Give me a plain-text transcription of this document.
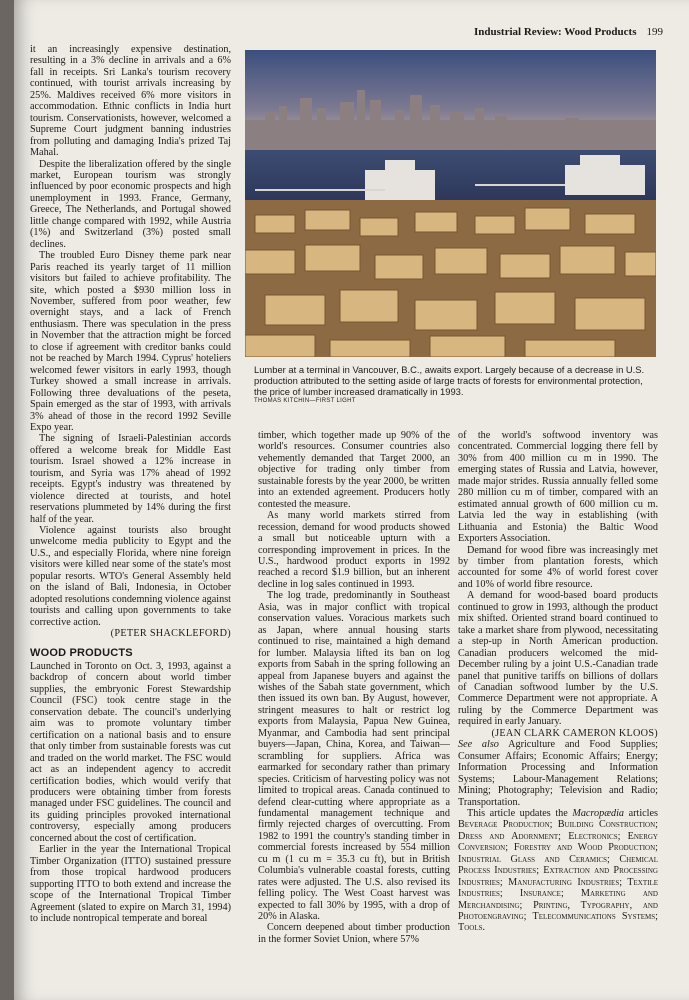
Industrial Review: Wood Products 199

it an increasingly expensive destination, resulting in a 3% decline in arrivals and a 6% fall in receipts. Sri Lanka's tourism recovery continued, with tourist arrivals increasing by 25%. Maldives received 6% more visitors in accommodation. Ethnic conflicts in India hurt tourism. Conservationists, however, welcomed a Supreme Court judgment banning industries from polluting and damaging India's prized Taj Mahal.

Despite the liberalization offered by the single market, European tourism was strongly influenced by poor economic prospects and high unemployment in 1993. France, Germany, Greece, The Netherlands, and Portugal showed little change compared with 1992, while Austria (1%) and Switzerland (3%) posted small declines.

The troubled Euro Disney theme park near Paris reached its yearly target of 11 million visitors but failed to achieve profitability. The site, which posted a $930 million loss in November, suffered from poor weather, few overnight stays, and a lack of French enthusiasm. There was speculation in the press in November that the attraction might be forced to close if agreement with creditor banks could not be reached by March 1994. Cyprus' hoteliers welcomed fewer visitors in early 1993, though Turkey showed a small increase in arrivals. Following three devaluations of the peseta, Spain emerged as the star of 1993, with arrivals 3% ahead of those in the record 1992 Seville Expo year.

The signing of Israeli-Palestinian accords offered a welcome break for Middle East tourism. Israel showed a 12% increase in tourism, and Syria was 17% ahead of 1992 receipts. Egypt's industry was threatened by violence directed at tourists, and hotel reservations plummeted by 14% during the first half of the year.

Violence against tourists also brought unwelcome media publicity to Egypt and the U.S., and especially Florida, where nine foreign visitors were killed near some of the state's most popular resorts. WTO's General Assembly held on the island of Bali, Indonesia, in October adopted resolutions condemning violence against tourists and calling upon governments to take corrective action.

(PETER SHACKLEFORD)
WOOD PRODUCTS

Launched in Toronto on Oct. 3, 1993, against a backdrop of concern about world timber supplies, the embryonic Forest Stewardship Council (FSC) took centre stage in the conservation debate. The council's underlying aim was to promote voluntary timber certification on a national basis and to ensure that only timber from sustainable forests was cut and traded on the world market. The FSC would act as an independent agency to accredit certification bodies, which would verify that producers were obtaining timber from forests managed under FSC guidelines. The council and its guiding principles provoked international controversy, especially among producers concerned about the cost of certification.

Earlier in the year the International Tropical Timber Organization (ITTO) sustained pressure from those tropical hardwood producers supporting ITTO to both extend and increase the scope of the International Tropical Timber Agreement (slated to expire on March 31, 1994) to include nontropical temperate and boreal

Lumber at a terminal in Vancouver, B.C., awaits export. Largely because of a decrease in U.S. production attributed to the setting aside of large tracts of forests for environmental protection, the price of lumber increased dramatically in 1993.
THOMAS KITCHIN—FIRST LIGHT

timber, which together made up 90% of the world's resources. Consumer countries also vehemently demanded that Target 2000, an objective for trading only timber from sustainable forests by the year 2000, be written into an extended agreement. Producers hotly contested the measure.

As many world markets stirred from recession, demand for wood products showed a small but noticeable upturn with a corresponding improvement in prices. In the U.S., hardwood product exports in 1992 reached a record $1.9 billion, but an inherent decline in log sales continued in 1993.

The log trade, predominantly in Southeast Asia, was in major conflict with tropical conservation values. Voracious markets such as Japan, where annual housing starts continued to rise, maintained a high demand for lumber. Malaysia lifted its ban on log exports from Sabah in the spring following an appeal from Japanese buyers and against the wishes of the Sabah state government, which then issued its own ban. By August, however, stringent measures to halt or restrict log exports from Malaysia, Papua New Guinea, Myanmar, and Cambodia had sent principal buyers—Japan, China, Korea, and Taiwan—scrambling for suppliers. Africa was earmarked for secondary rather than primary species. Criticism of harvesting policy was not limited to tropical areas. Canada continued to defend clear-cutting where appropriate as a fundamental management technique and firmly rejected charges of overcutting. From 1982 to 1991 the country's standing timber in commercial forests increased by 554 million cu m (1 cu m = 35.3 cu ft), but in British Columbia's vulnerable coastal forests, cutting rates were adjusted. The U.S. also revised its felling policy. The West Coast harvest was expected to fall 30% by 1995, with a drop of 20% in Alaska.

Concern deepened about timber production in the former Soviet Union, where 57%

of the world's softwood inventory was concentrated. Commercial logging there fell by 30% from 400 million cu m in 1990. The emerging states of Russia and Latvia, however, made major strides. Russia annually felled some 280 million cu m of timber, compared with an estimated annual growth of 600 million cu m. Latvia led the way in establishing (with Lithuania and Estonia) the Baltic Wood Exporters Association.

Demand for wood fibre was increasingly met by timber from plantation forests, which accounted for some 4% of world forest cover and 10% of world fibre resource.

A demand for wood-based board products continued to grow in 1993, although the product mix shifted. Oriented strand board continued to take a market share from plywood, necessitating a step-up in North American production. Canadian producers welcomed the mid-December ruling by a joint U.S.-Canadian trade panel that punitive tariffs on billions of dollars of Canadian softwood lumber by the U.S. Commerce Department were not appropriate. A ruling by the Commerce Department was required in early January.

(JEAN CLARK CAMERON KLOOS)

See also Agriculture and Food Supplies; Consumer Affairs; Economic Affairs; Energy; Information Processing and Information Systems; Labour-Management Relations; Mining; Photography; Television and Radio; Transportation.

This article updates the Macropædia articles Beverage Production; Building Construction; Dress and Adornment; Electronics; Energy Conversion; Forestry and Wood Production; Industrial Glass and Ceramics; Chemical Process Industries; Extraction and Processing Industries; Manufacturing Industries; Textile Industries; Insurance; Marketing and Merchandising; Printing, Typography, and Photoengraving; Telecommunications Systems; Tools.
